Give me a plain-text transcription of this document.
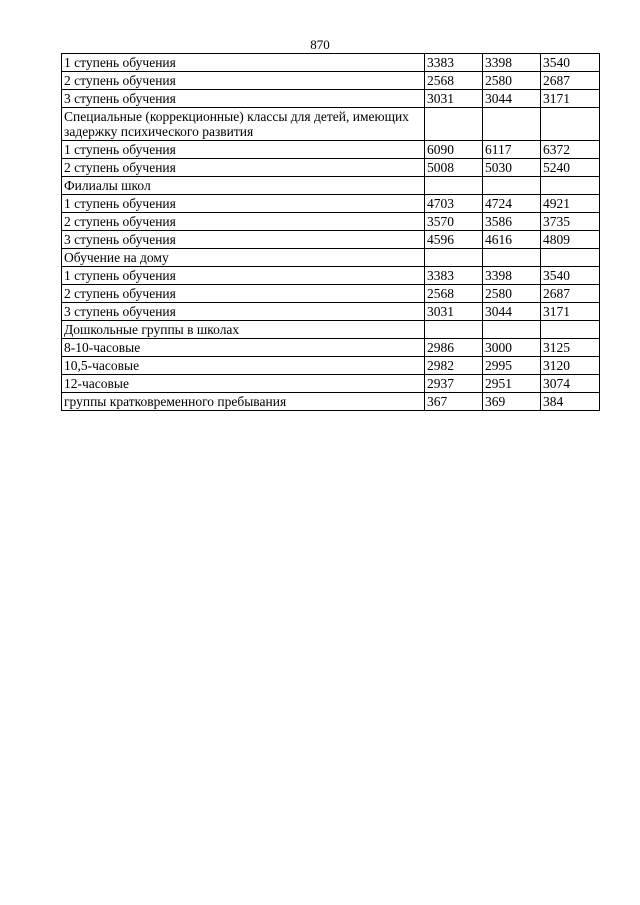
870
1 ступень обучения	3383	3398	3540
2 ступень обучения	2568	2580	2687
3 ступень обучения	3031	3044	3171
Специальные (коррекционные) классы для детей, имеющих задержку психического развития			
1 ступень обучения	6090	6117	6372
2 ступень обучения	5008	5030	5240
Филиалы школ			
1 ступень обучения	4703	4724	4921
2 ступень обучения	3570	3586	3735
3 ступень обучения	4596	4616	4809
Обучение на дому			
1 ступень обучения	3383	3398	3540
2 ступень обучения	2568	2580	2687
3 ступень обучения	3031	3044	3171
Дошкольные группы в школах			
8-10-часовые	2986	3000	3125
10,5-часовые	2982	2995	3120
12-часовые	2937	2951	3074
группы кратковременного пребывания	367	369	384
